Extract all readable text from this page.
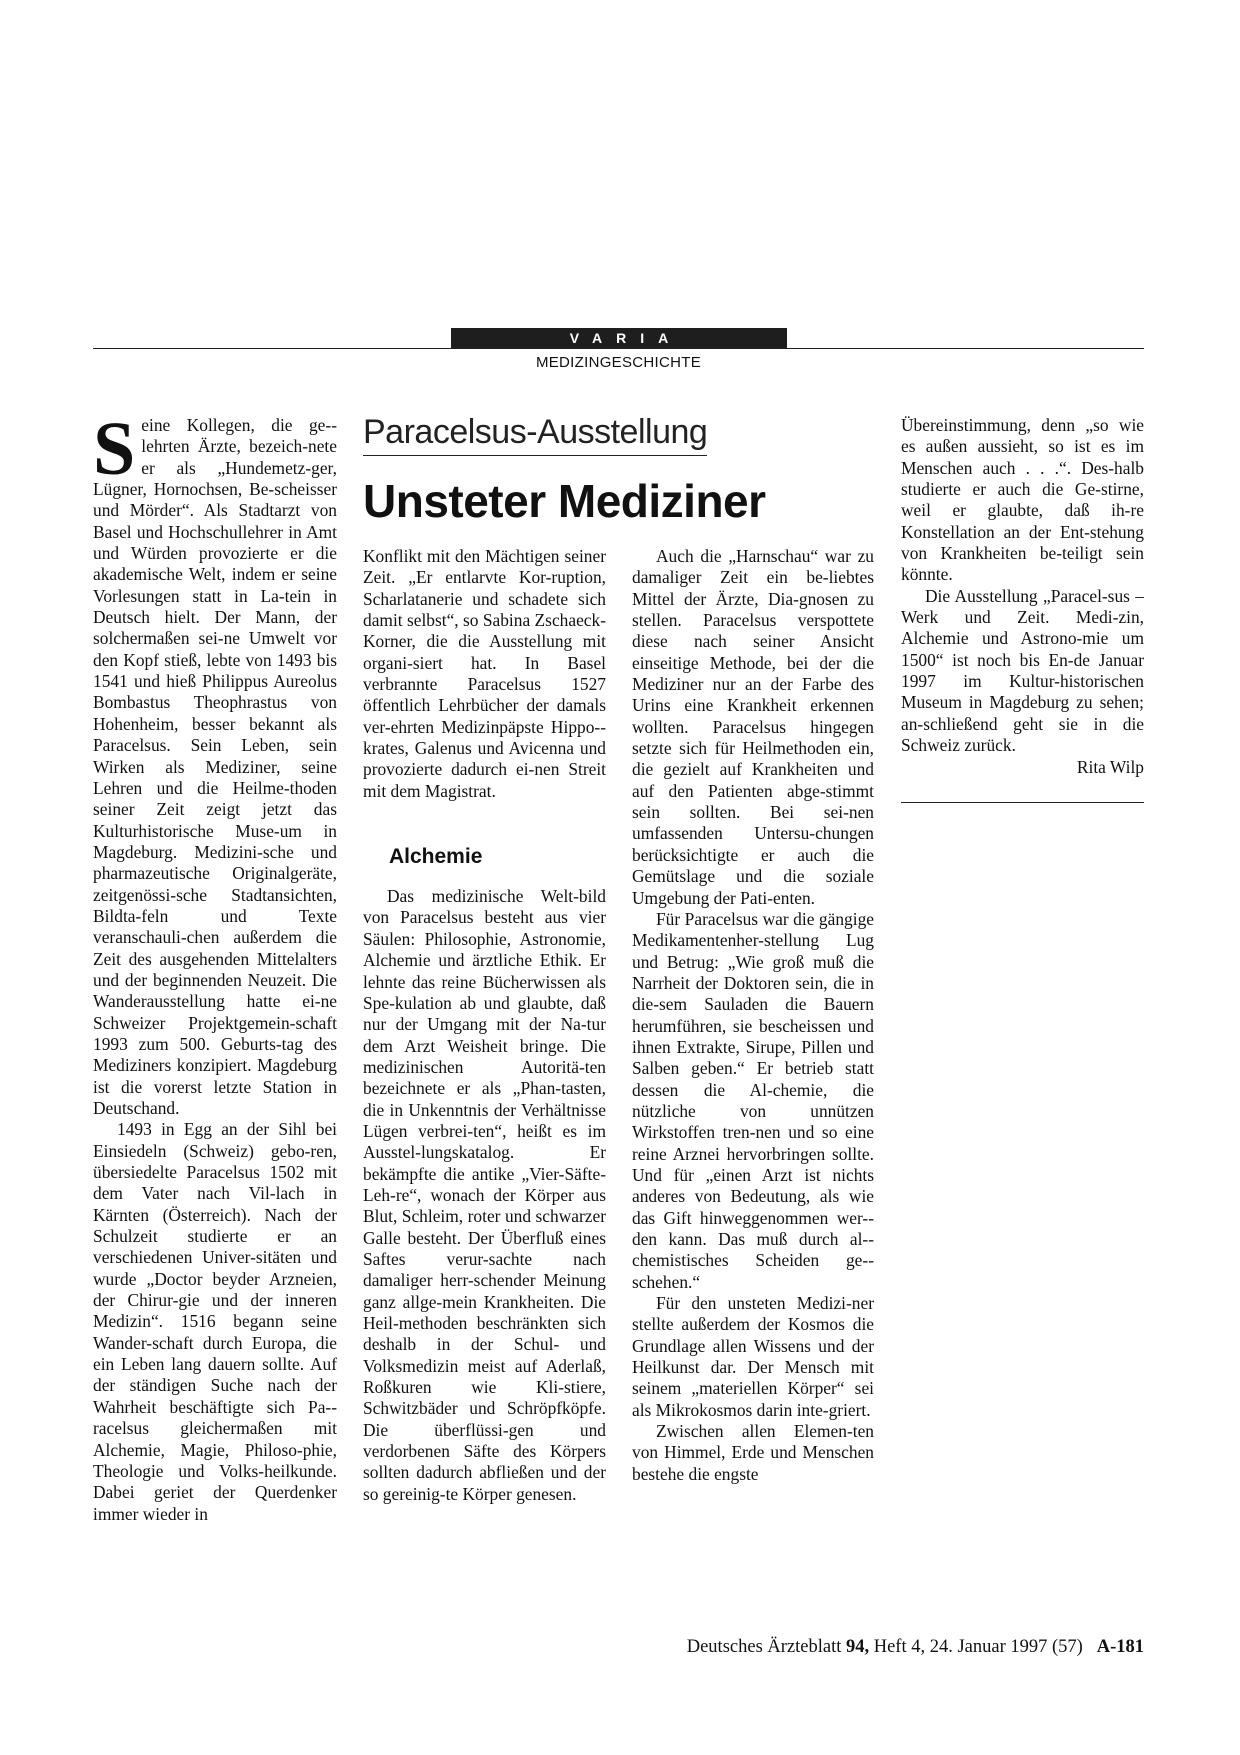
VARIA
MEDIZINGESCHICHTE

Seine Kollegen, die ge-lehrten Ärzte, bezeich-nete er als „Hundemetz-ger, Lügner, Hornochsen, Be-scheisser und Mörder“. Als Stadtarzt von Basel und Hochschullehrer in Amt und Würden provozierte er die akademische Welt, indem er seine Vorlesungen statt in La-tein in Deutsch hielt. Der Mann, der solchermaßen sei-ne Umwelt vor den Kopf stieß, lebte von 1493 bis 1541 und hieß Philippus Aureolus Bombastus Theophrastus von Hohenheim, besser bekannt als Paracelsus. Sein Leben, sein Wirken als Mediziner, seine Lehren und die Heilme-thoden seiner Zeit zeigt jetzt das Kulturhistorische Muse-um in Magdeburg. Medizini-sche und pharmazeutische Originalgeräte, zeitgenössi-sche Stadtansichten, Bildta-feln und Texte veranschauli-chen außerdem die Zeit des ausgehenden Mittelalters und der beginnenden Neuzeit. Die Wanderausstellung hatte ei-ne Schweizer Projektgemein-schaft 1993 zum 500. Geburts-tag des Mediziners konzipiert. Magdeburg ist die vorerst letzte Station in Deutschand.

1493 in Egg an der Sihl bei Einsiedeln (Schweiz) gebo-ren, übersiedelte Paracelsus 1502 mit dem Vater nach Vil-lach in Kärnten (Österreich). Nach der Schulzeit studierte er an verschiedenen Univer-sitäten und wurde „Doctor beyder Arzneien, der Chirur-gie und der inneren Medizin“. 1516 begann seine Wander-schaft durch Europa, die ein Leben lang dauern sollte. Auf der ständigen Suche nach der Wahrheit beschäftigte sich Pa-racelsus gleichermaßen mit Alchemie, Magie, Philoso-phie, Theologie und Volks-heilkunde. Dabei geriet der Querdenker immer wieder in

Paracelsus-Ausstellung
Unsteter Mediziner

Konflikt mit den Mächtigen seiner Zeit. „Er entlarvte Kor-ruption, Scharlatanerie und schadete sich damit selbst“, so Sabina Zschaeck-Korner, die die Ausstellung mit organi-siert hat. In Basel verbrannte Paracelsus 1527 öffentlich Lehrbücher der damals ver-ehrten Medizinpäpste Hippo-krates, Galenus und Avicenna und provozierte dadurch ei-nen Streit mit dem Magistrat.

Alchemie

Das medizinische Welt-bild von Paracelsus besteht aus vier Säulen: Philosophie, Astronomie, Alchemie und ärztliche Ethik. Er lehnte das reine Bücherwissen als Spe-kulation ab und glaubte, daß nur der Umgang mit der Na-tur dem Arzt Weisheit bringe. Die medizinischen Autoritä-ten bezeichnete er als „Phan-tasten, die in Unkenntnis der Verhältnisse Lügen verbrei-ten“, heißt es im Ausstel-lungskatalog. Er bekämpfte die antike „Vier-Säfte-Leh-re“, wonach der Körper aus Blut, Schleim, roter und schwarzer Galle besteht. Der Überfluß eines Saftes verur-sachte nach damaliger herr-schender Meinung ganz allge-mein Krankheiten. Die Heil-methoden beschränkten sich deshalb in der Schul- und Volksmedizin meist auf Aderlaß, Roßkuren wie Kli-stiere, Schwitzbäder und Schröpfköpfe. Die überflüssi-gen und verdorbenen Säfte des Körpers sollten dadurch abfließen und der so gereinig-te Körper genesen.

Auch die „Harnschau“ war zu damaliger Zeit ein be-liebtes Mittel der Ärzte, Dia-gnosen zu stellen. Paracelsus verspottete diese nach seiner Ansicht einseitige Methode, bei der die Mediziner nur an der Farbe des Urins eine Krankheit erkennen wollten. Paracelsus hingegen setzte sich für Heilmethoden ein, die gezielt auf Krankheiten und auf den Patienten abge-stimmt sein sollten. Bei sei-nen umfassenden Untersu-chungen berücksichtigte er auch die Gemütslage und die soziale Umgebung der Pati-enten.

Für Paracelsus war die gängige Medikamentenher-stellung Lug und Betrug: „Wie groß muß die Narrheit der Doktoren sein, die in die-sem Sauladen die Bauern herumführen, sie bescheissen und ihnen Extrakte, Sirupe, Pillen und Salben geben.“ Er betrieb statt dessen die Al-chemie, die nützliche von unnützen Wirkstoffen tren-nen und so eine reine Arznei hervorbringen sollte. Und für „einen Arzt ist nichts anderes von Bedeutung, als wie das Gift hinweggenommen wer-den kann. Das muß durch al-chemistisches Scheiden ge-schehen.“

Für den unsteten Medizi-ner stellte außerdem der Kosmos die Grundlage allen Wissens und der Heilkunst dar. Der Mensch mit seinem „materiellen Körper“ sei als Mikrokosmos darin inte-griert.

Zwischen allen Elemen-ten von Himmel, Erde und Menschen bestehe die engste

Übereinstimmung, denn „so wie es außen aussieht, so ist es im Menschen auch . . .“. Des-halb studierte er auch die Ge-stirne, weil er glaubte, daß ih-re Konstellation an der Ent-stehung von Krankheiten be-teiligt sein könnte.

Die Ausstellung „Paracel-sus – Werk und Zeit. Medi-zin, Alchemie und Astrono-mie um 1500“ ist noch bis En-de Januar 1997 im Kultur-historischen Museum in Magdeburg zu sehen; an-schließend geht sie in die Schweiz zurück.

Rita Wilp
Deutsches Ärzteblatt 94, Heft 4, 24. Januar 1997 (57) A-181
